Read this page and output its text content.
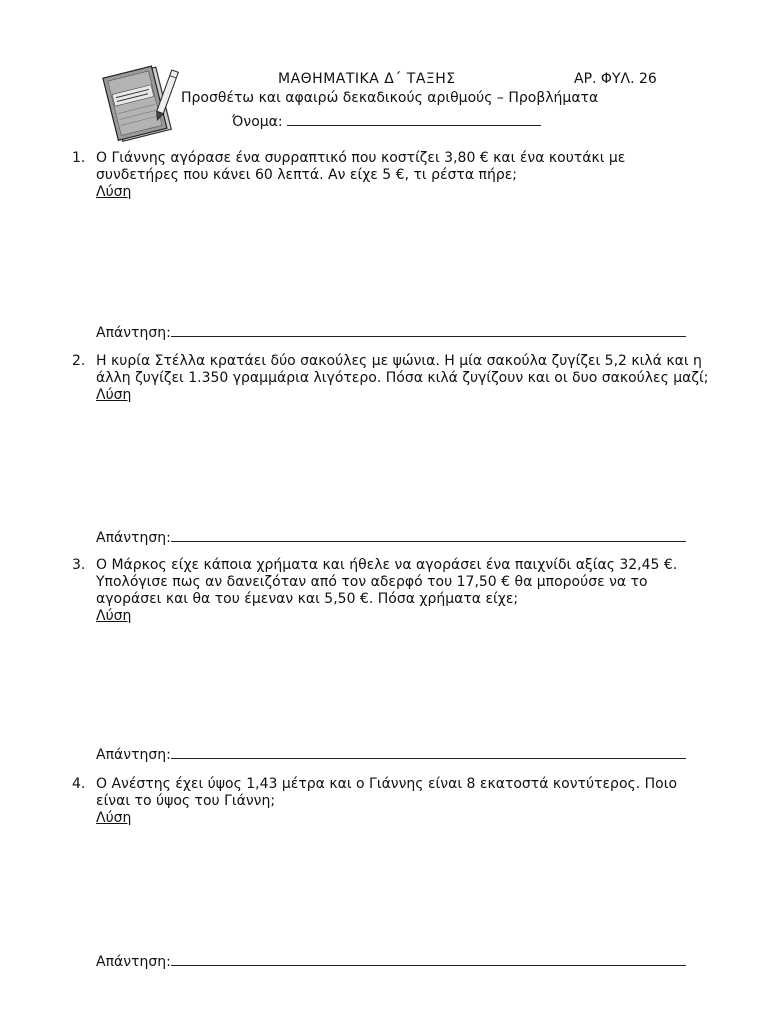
ΜΑΘΗΜΑΤΙΚΑ Δ΄ ΤΑΞΗΣ	ΑΡ. ΦΥΛ. 26
Προσθέτω και αφαιρώ δεκαδικούς αριθμούς – Προβλήματα
Όνομα:
1. Ο Γιάννης αγόρασε ένα συρραπτικό που κοστίζει 3,80 € και ένα κουτάκι με
συνδετήρες που κάνει 60 λεπτά. Αν είχε 5 €, τι ρέστα πήρε;
Λύση
Απάντηση:
2. Η κυρία Στέλλα κρατάει δύο σακούλες με ψώνια. Η μία σακούλα ζυγίζει 5,2 κιλά και η
άλλη ζυγίζει 1.350 γραμμάρια λιγότερο. Πόσα κιλά ζυγίζουν και οι δυο σακούλες μαζί;
Λύση
Απάντηση:
3. Ο Μάρκος είχε κάποια χρήματα και ήθελε να αγοράσει ένα παιχνίδι αξίας 32,45 €.
Υπολόγισε πως αν δανειζόταν από τον αδερφό του 17,50 € θα μπορούσε να το
αγοράσει και θα του έμεναν και 5,50 €. Πόσα χρήματα είχε;
Λύση
Απάντηση:
4. Ο Ανέστης έχει ύψος 1,43 μέτρα και ο Γιάννης είναι 8 εκατοστά κοντύτερος. Ποιο
είναι το ύψος του Γιάννη;
Λύση
Απάντηση:
